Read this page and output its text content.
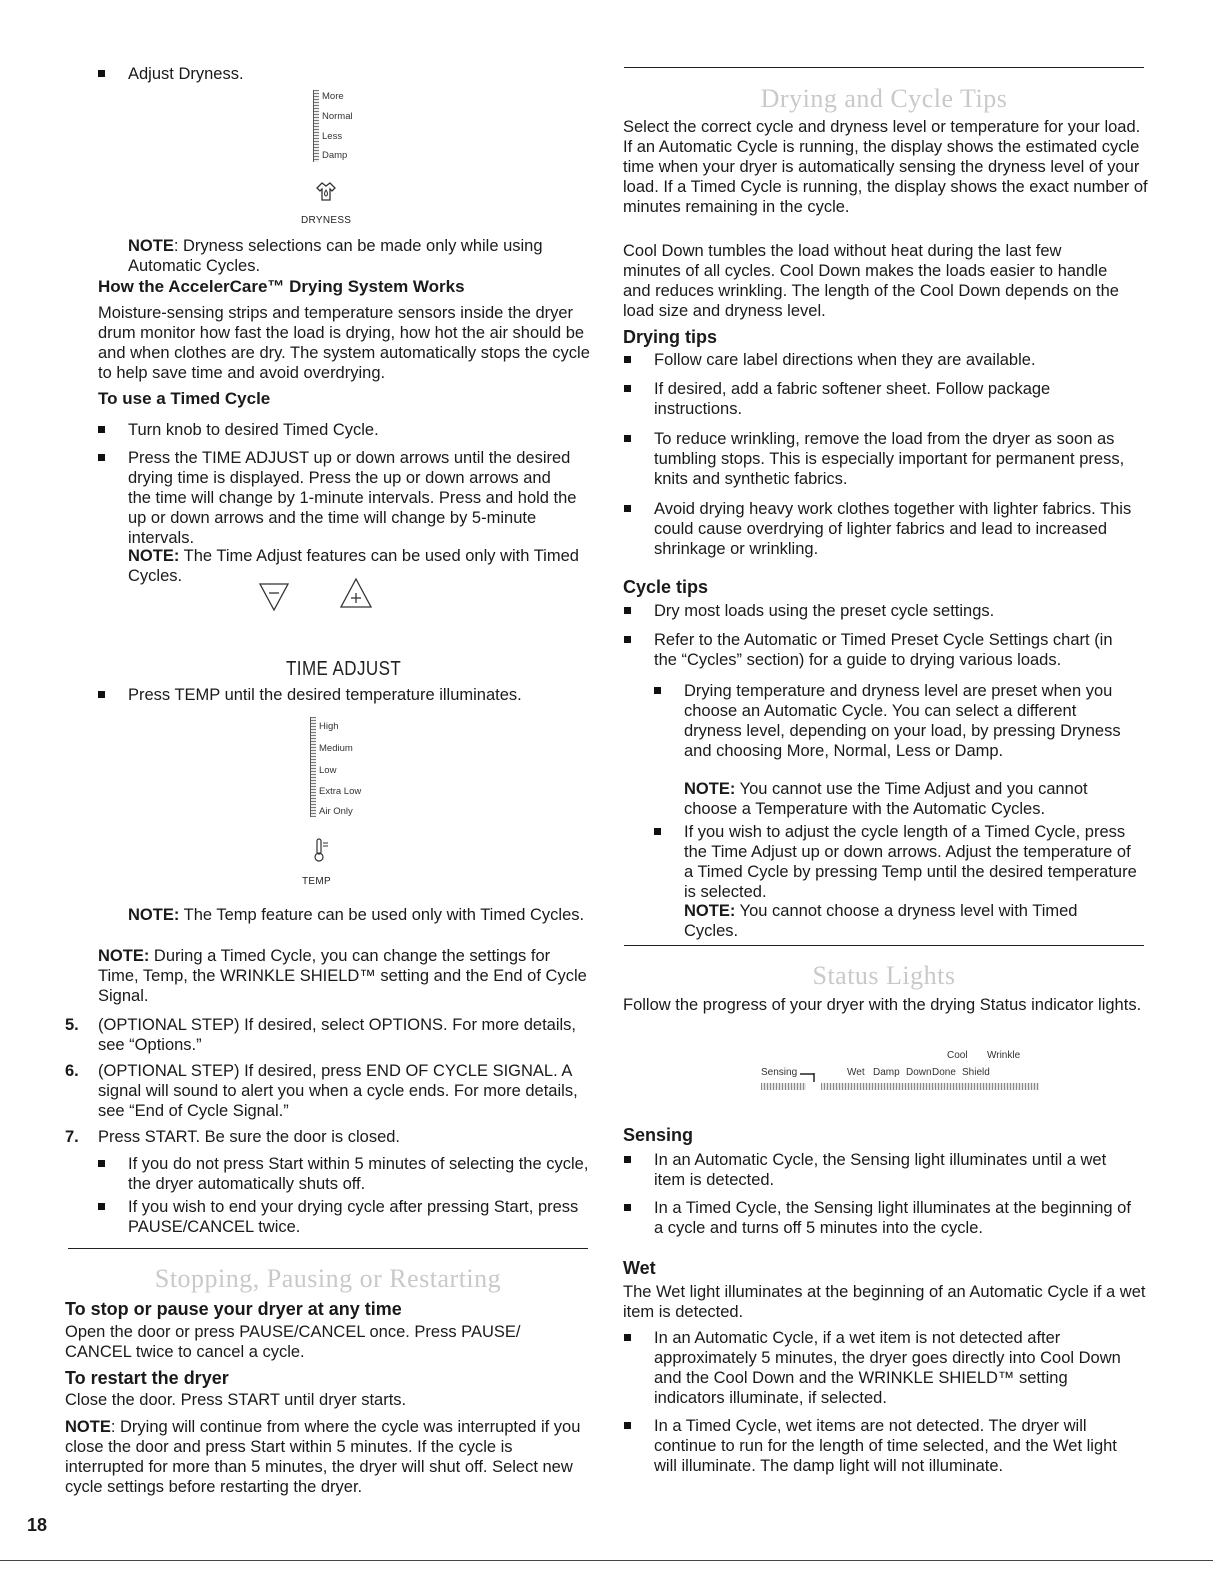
Adjust Dryness.
More
Normal
Less
Damp
DRYNESS
NOTE: Dryness selections can be made only while using Automatic Cycles.
How the AccelerCare™ Drying System Works
Moisture-sensing strips and temperature sensors inside the dryer drum monitor how fast the load is drying, how hot the air should be and when clothes are dry. The system automatically stops the cycle to help save time and avoid overdrying.
To use a Timed Cycle
Turn knob to desired Timed Cycle.
Press the TIME ADJUST up or down arrows until the desired drying time is displayed. Press the up or down arrows and the time will change by 1-minute intervals. Press and hold the up or down arrows and the time will change by 5-minute intervals.
NOTE: The Time Adjust features can be used only with Timed Cycles.
TIME ADJUST
Press TEMP until the desired temperature illuminates.
High
Medium
Low
Extra Low
Air Only
TEMP
NOTE: The Temp feature can be used only with Timed Cycles.
NOTE: During a Timed Cycle, you can change the settings for Time, Temp, the WRINKLE SHIELD™ setting and the End of Cycle Signal.
5.	(OPTIONAL STEP) If desired, select OPTIONS. For more details, see “Options.”
6.	(OPTIONAL STEP) If desired, press END OF CYCLE SIGNAL. A signal will sound to alert you when a cycle ends. For more details, see “End of Cycle Signal.”
7.	Press START. Be sure the door is closed.
If you do not press Start within 5 minutes of selecting the cycle, the dryer automatically shuts off.
If you wish to end your drying cycle after pressing Start, press PAUSE/CANCEL twice.
Stopping, Pausing or Restarting
To stop or pause your dryer at any time
Open the door or press PAUSE/CANCEL once. Press PAUSE/ CANCEL twice to cancel a cycle.
To restart the dryer
Close the door. Press START until dryer starts.
NOTE: Drying will continue from where the cycle was interrupted if you close the door and press Start within 5 minutes. If the cycle is interrupted for more than 5 minutes, the dryer will shut off. Select new cycle settings before restarting the dryer.
18
Drying and Cycle Tips
Select the correct cycle and dryness level or temperature for your load. If an Automatic Cycle is running, the display shows the estimated cycle time when your dryer is automatically sensing the dryness level of your load. If a Timed Cycle is running, the display shows the exact number of minutes remaining in the cycle.
Cool Down tumbles the load without heat during the last few minutes of all cycles. Cool Down makes the loads easier to handle and reduces wrinkling. The length of the Cool Down depends on the load size and dryness level.
Drying tips
Follow care label directions when they are available.
If desired, add a fabric softener sheet. Follow package instructions.
To reduce wrinkling, remove the load from the dryer as soon as tumbling stops. This is especially important for permanent press, knits and synthetic fabrics.
Avoid drying heavy work clothes together with lighter fabrics. This could cause overdrying of lighter fabrics and lead to increased shrinkage or wrinkling.
Cycle tips
Dry most loads using the preset cycle settings.
Refer to the Automatic or Timed Preset Cycle Settings chart (in the “Cycles” section) for a guide to drying various loads.
Drying temperature and dryness level are preset when you choose an Automatic Cycle. You can select a different dryness level, depending on your load, by pressing Dryness and choosing More, Normal, Less or Damp.
NOTE: You cannot use the Time Adjust and you cannot choose a Temperature with the Automatic Cycles.
If you wish to adjust the cycle length of a Timed Cycle, press the Time Adjust up or down arrows. Adjust the temperature of a Timed Cycle by pressing Temp until the desired temperature is selected.
NOTE: You cannot choose a dryness level with Timed Cycles.
Status Lights
Follow the progress of your dryer with the drying Status indicator lights.
Cool Wrinkle
Sensing	Wet Damp Down Done Shield
Sensing
In an Automatic Cycle, the Sensing light illuminates until a wet item is detected.
In a Timed Cycle, the Sensing light illuminates at the beginning of a cycle and turns off 5 minutes into the cycle.
Wet
The Wet light illuminates at the beginning of an Automatic Cycle if a wet item is detected.
In an Automatic Cycle, if a wet item is not detected after approximately 5 minutes, the dryer goes directly into Cool Down and the Cool Down and the WRINKLE SHIELD™ setting indicators illuminate, if selected.
In a Timed Cycle, wet items are not detected. The dryer will continue to run for the length of time selected, and the Wet light will illuminate. The damp light will not illuminate.
